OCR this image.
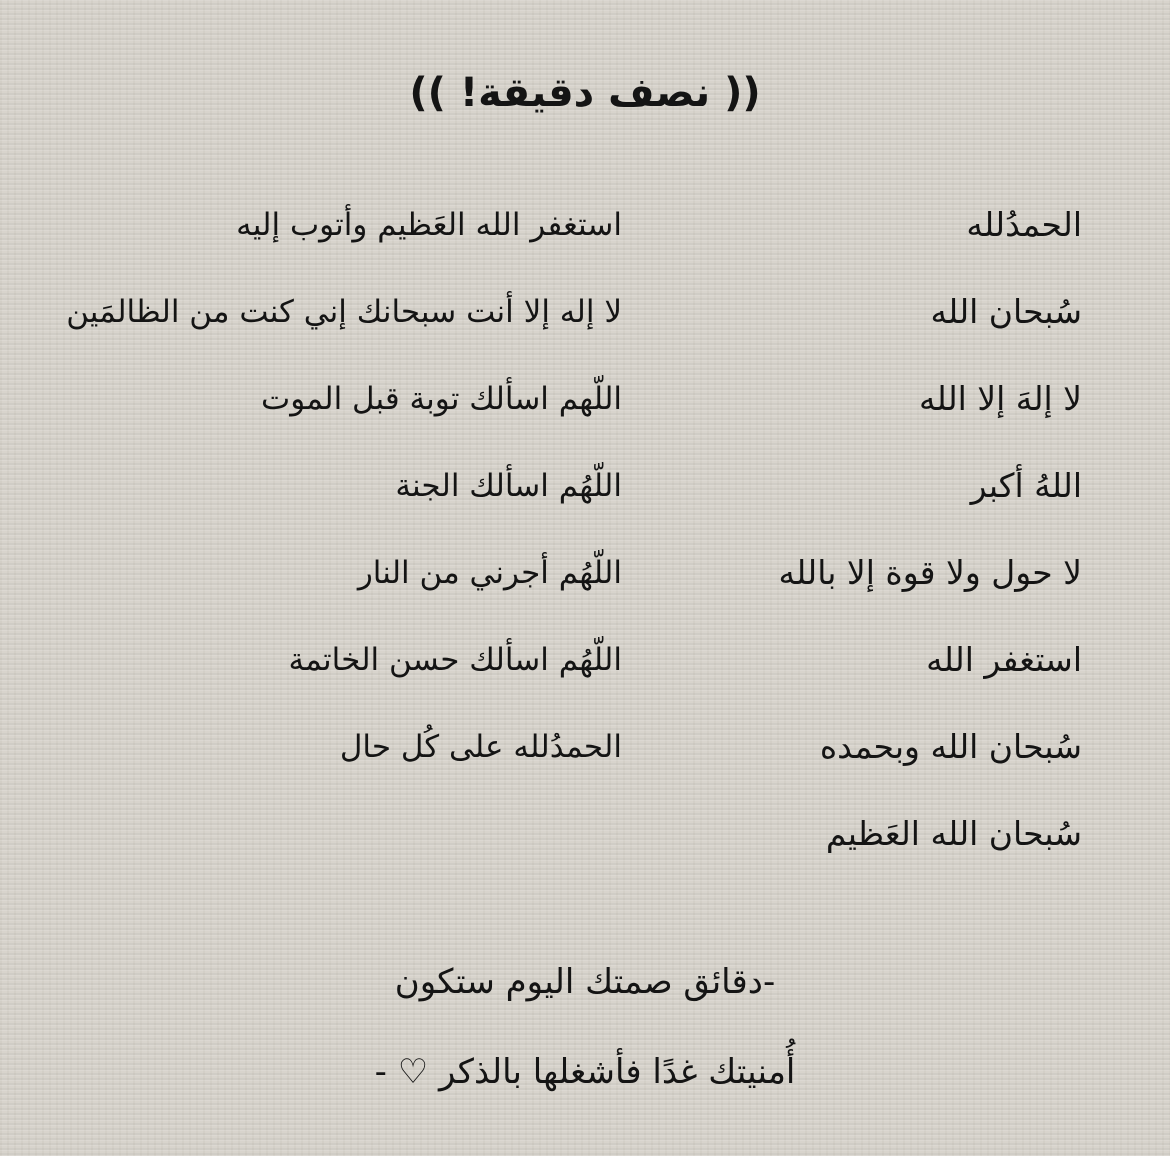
(( نصف دقيقة! ))
الحمدُلله
سُبحان الله
لا إلهَ إلا الله
اللهُ أكبر
لا حول ولا قوة إلا بالله
استغفر الله
سُبحان الله وبحمده
سُبحان الله العَظيم
استغفر الله العَظيم وأتوب إليه
لا إله إلا أنت سبحانك إني كنت من الظالمَين
اللّهم اسألك توبة قبل الموت
اللّهُم اسألك الجنة
اللّهُم أجرني من النار
اللّهُم اسألك حسن الخاتمة
الحمدُلله على كُل حال

-دقائق صمتك اليوم ستكون

أُمنيتك غدًا فأشغلها بالذكر ♡ -
